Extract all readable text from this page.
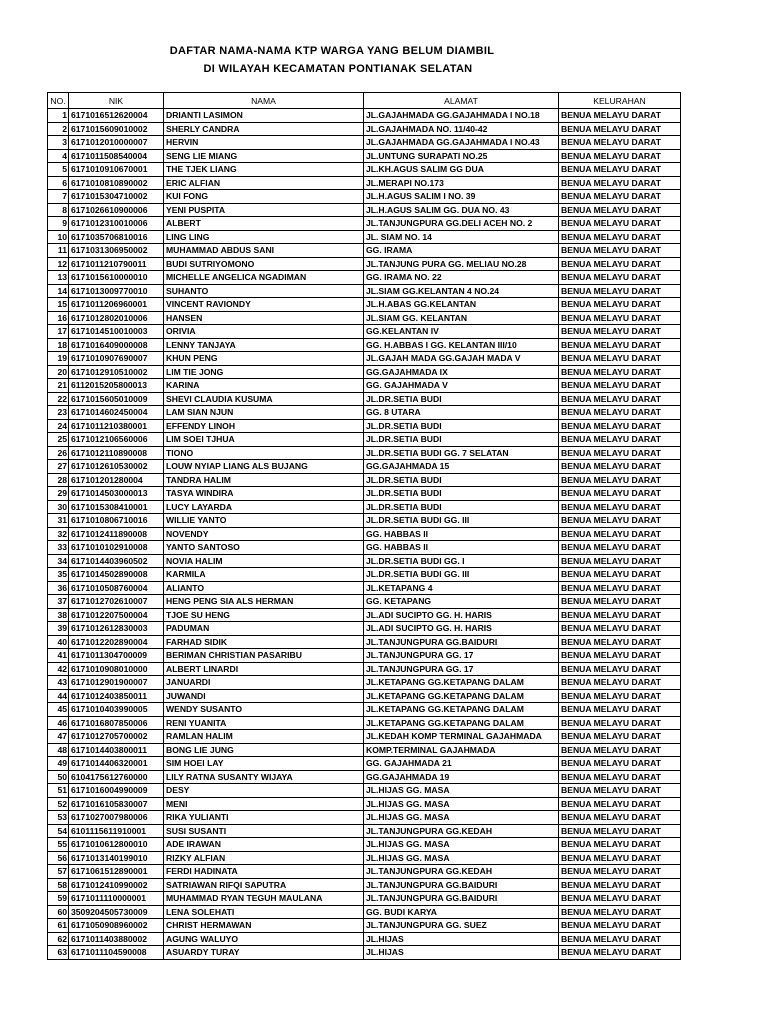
DAFTAR NAMA-NAMA KTP WARGA YANG BELUM DIAMBIL
DI WILAYAH KECAMATAN PONTIANAK SELATAN
NO.	NIK	NAMA	ALAMAT	KELURAHAN
1	6171016512620004	DRIANTI LASIMON	JL.GAJAHMADA GG.GAJAHMADA I NO.18	BENUA MELAYU DARAT
2	6171015609010002	SHERLY CANDRA	JL.GAJAHMADA NO. 11/40-42	BENUA MELAYU DARAT
3	6171012010000007	HERVIN	JL.GAJAHMADA GG.GAJAHMADA I NO.43	BENUA MELAYU DARAT
4	6171011508540004	SENG LIE MIANG	JL.UNTUNG SURAPATI NO.25	BENUA MELAYU DARAT
5	6171010910670001	THE TJEK LIANG	JL.KH.AGUS SALIM GG DUA	BENUA MELAYU DARAT
6	6171010810890002	ERIC ALFIAN	JL.MERAPI NO.173	BENUA MELAYU DARAT
7	6171015304710002	KUI FONG	JL.H.AGUS SALIM I NO. 39	BENUA MELAYU DARAT
8	6171026610900006	YENI PUSPITA	JL.H.AGUS SALIM GG. DUA NO. 43	BENUA MELAYU DARAT
9	6171012310010006	ALBERT	JL.TANJUNGPURA GG.DELI ACEH NO. 2	BENUA MELAYU DARAT
10	6171035706810016	LING LING	JL. SIAM NO. 14	BENUA MELAYU DARAT
11	6171031306950002	MUHAMMAD ABDUS SANI	GG. IRAMA	BENUA MELAYU DARAT
12	6171011210790011	BUDI SUTRIYOMONO	JL.TANJUNG PURA GG. MELIAU NO.28	BENUA MELAYU DARAT
13	6171015610000010	MICHELLE ANGELICA NGADIMAN	GG. IRAMA NO. 22	BENUA MELAYU DARAT
14	6171013009770010	SUHANTO	JL.SIAM GG.KELANTAN 4 NO.24	BENUA MELAYU DARAT
15	6171011206960001	VINCENT RAVIONDY	JL.H.ABAS GG.KELANTAN	BENUA MELAYU DARAT
16	6171012802010006	HANSEN	JL.SIAM GG. KELANTAN	BENUA MELAYU DARAT
17	6171014510010003	ORIVIA	GG.KELANTAN IV	BENUA MELAYU DARAT
18	6171016409000008	LENNY TANJAYA	GG. H.ABBAS I GG. KELANTAN III/10	BENUA MELAYU DARAT
19	6171010907690007	KHUN PENG	JL.GAJAH MADA GG.GAJAH MADA V	BENUA MELAYU DARAT
20	6171012910510002	LIM TIE JONG	GG.GAJAHMADA IX	BENUA MELAYU DARAT
21	6112015205800013	KARINA	GG. GAJAHMADA V	BENUA MELAYU DARAT
22	6171015605010009	SHEVI CLAUDIA KUSUMA	JL.DR.SETIA BUDI	BENUA MELAYU DARAT
23	6171014602450004	LAM SIAN NJUN	GG. 8 UTARA	BENUA MELAYU DARAT
24	6171011210380001	EFFENDY LINOH	JL.DR.SETIA BUDI	BENUA MELAYU DARAT
25	6171012106560006	LIM SOEI TJHUA	JL.DR.SETIA BUDI	BENUA MELAYU DARAT
26	6171012110890008	TIONO	JL.DR.SETIA BUDI GG. 7 SELATAN	BENUA MELAYU DARAT
27	6171012610530002	LOUW NYIAP LIANG ALS BUJANG	GG.GAJAHMADA 15	BENUA MELAYU DARAT
28	617101201280004	TANDRA HALIM	JL.DR.SETIA BUDI	BENUA MELAYU DARAT
29	6171014503000013	TASYA WINDIRA	JL.DR.SETIA BUDI	BENUA MELAYU DARAT
30	6171015308410001	LUCY LAYARDA	JL.DR.SETIA BUDI	BENUA MELAYU DARAT
31	6171010806710016	WILLIE YANTO	JL.DR.SETIA BUDI GG. III	BENUA MELAYU DARAT
32	6171012411890008	NOVENDY	GG. HABBAS II	BENUA MELAYU DARAT
33	6171010102910008	YANTO SANTOSO	GG. HABBAS II	BENUA MELAYU DARAT
34	6171014403960502	NOVIA HALIM	JL.DR.SETIA BUDI GG. I	BENUA MELAYU DARAT
35	6171014502890008	KARMILA	JL.DR.SETIA BUDI GG. III	BENUA MELAYU DARAT
36	6171010508760004	ALIANTO	JL.KETAPANG 4	BENUA MELAYU DARAT
37	6171012702610007	HENG PENG SIA ALS HERMAN	GG. KETAPANG	BENUA MELAYU DARAT
38	6171012207500004	TJOE SU HENG	JL.ADI SUCIPTO GG. H. HARIS	BENUA MELAYU DARAT
39	6171012612830003	PADUMAN	JL.ADI SUCIPTO GG. H. HARIS	BENUA MELAYU DARAT
40	6171012202890004	FARHAD SIDIK	JL.TANJUNGPURA GG.BAIDURI	BENUA MELAYU DARAT
41	6171011304700009	BERIMAN CHRISTIAN PASARIBU	JL.TANJUNGPURA GG. 17	BENUA MELAYU DARAT
42	6171010908010000	ALBERT LINARDI	JL.TANJUNGPURA GG. 17	BENUA MELAYU DARAT
43	6171012901900007	JANUARDI	JL.KETAPANG GG.KETAPANG DALAM	BENUA MELAYU DARAT
44	6171012403850011	JUWANDI	JL.KETAPANG GG.KETAPANG DALAM	BENUA MELAYU DARAT
45	6171010403990005	WENDY SUSANTO	JL.KETAPANG GG.KETAPANG DALAM	BENUA MELAYU DARAT
46	6171016807850006	RENI YUANITA	JL.KETAPANG GG.KETAPANG DALAM	BENUA MELAYU DARAT
47	6171012705700002	RAMLAN HALIM	JL.KEDAH KOMP TERMINAL GAJAHMADA	BENUA MELAYU DARAT
48	6171014403800011	BONG LIE JUNG	KOMP.TERMINAL GAJAHMADA	BENUA MELAYU DARAT
49	6171014406320001	SIM HOEI LAY	GG. GAJAHMADA 21	BENUA MELAYU DARAT
50	6104175612760000	LILY RATNA SUSANTY WIJAYA	GG.GAJAHMADA 19	BENUA MELAYU DARAT
51	6171016004990009	DESY	JL.HIJAS GG. MASA	BENUA MELAYU DARAT
52	6171016105830007	MENI	JL.HIJAS GG. MASA	BENUA MELAYU DARAT
53	6171027007980006	RIKA YULIANTI	JL.HIJAS GG. MASA	BENUA MELAYU DARAT
54	6101115611910001	SUSI SUSANTI	JL.TANJUNGPURA GG.KEDAH	BENUA MELAYU DARAT
55	6171010612800010	ADE IRAWAN	JL.HIJAS GG. MASA	BENUA MELAYU DARAT
56	6171013140199010	RIZKY ALFIAN	JL.HIJAS GG. MASA	BENUA MELAYU DARAT
57	6171061512890001	FERDI HADINATA	JL.TANJUNGPURA GG.KEDAH	BENUA MELAYU DARAT
58	6171012410990002	SATRIAWAN RIFQI SAPUTRA	JL.TANJUNGPURA GG.BAIDURI	BENUA MELAYU DARAT
59	6171011110000001	MUHAMMAD RYAN TEGUH MAULANA	JL.TANJUNGPURA GG.BAIDURI	BENUA MELAYU DARAT
60	3509204505730009	LENA SOLEHATI	GG. BUDI KARYA	BENUA MELAYU DARAT
61	6171050908960002	CHRIST HERMAWAN	JL.TANJUNGPURA GG. SUEZ	BENUA MELAYU DARAT
62	6171011403880002	AGUNG WALUYO	JL.HIJAS	BENUA MELAYU DARAT
63	6171011104590008	ASUARDY TURAY	JL.HIJAS	BENUA MELAYU DARAT
